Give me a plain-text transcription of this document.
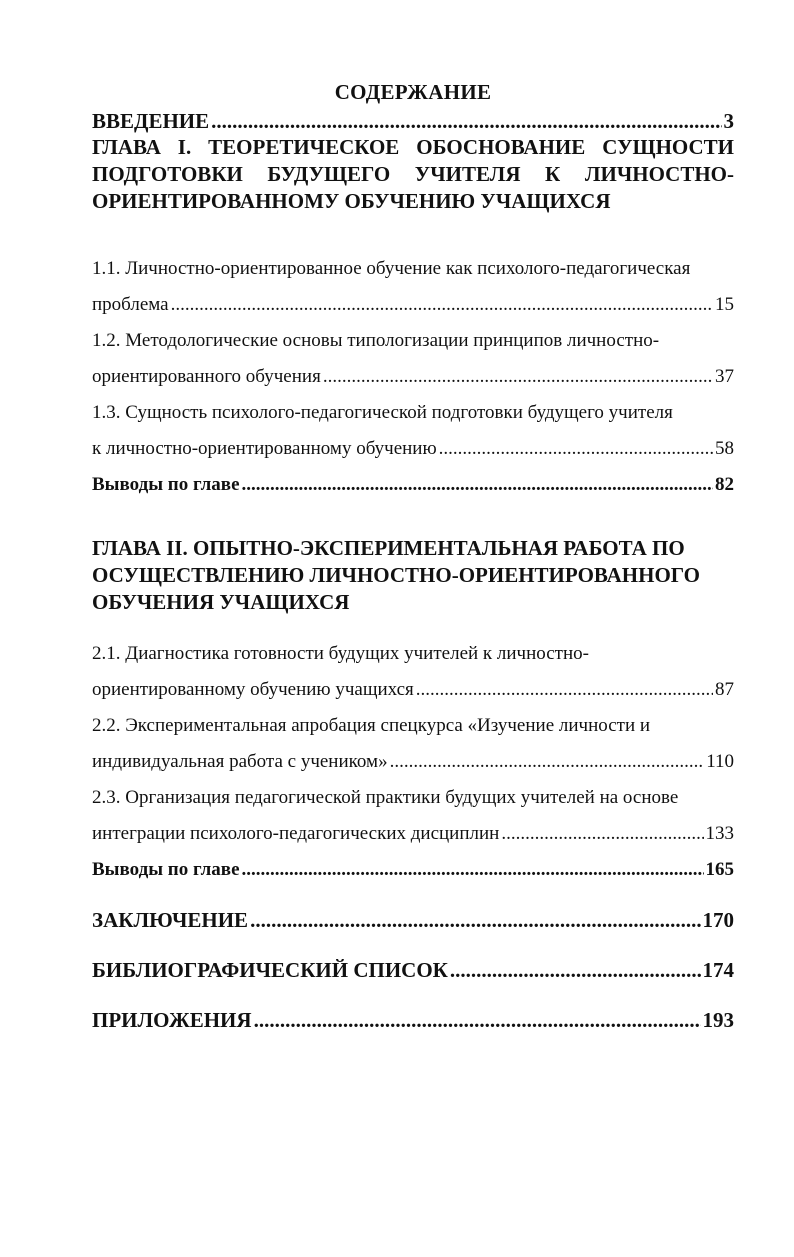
СОДЕРЖАНИЕ
ВВЕДЕНИЕ .....	3
ГЛАВА I. ТЕОРЕТИЧЕСКОЕ ОБОСНОВАНИЕ СУЩНОСТИ
ПОДГОТОВКИ БУДУЩЕГО УЧИТЕЛЯ К ЛИЧНОСТНО-
ОРИЕНТИРОВАННОМУ ОБУЧЕНИЮ УЧАЩИХСЯ
1.1. Личностно-ориентированное обучение как психолого-педагогическая
проблема .....	15
1.2. Методологические основы типологизации принципов личностно-
ориентированного обучения .....	37
1.3. Сущность психолого-педагогической подготовки будущего учителя
к личностно-ориентированному обучению .....	58
Выводы по главе .....	82
ГЛАВА II. ОПЫТНО-ЭКСПЕРИМЕНТАЛЬНАЯ РАБОТА ПО
ОСУЩЕСТВЛЕНИЮ ЛИЧНОСТНО-ОРИЕНТИРОВАННОГО
ОБУЧЕНИЯ УЧАЩИХСЯ
2.1. Диагностика готовности будущих учителей к личностно-
ориентированному обучению учащихся .....	87
2.2. Экспериментальная апробация спецкурса «Изучение личности и
индивидуальная работа с учеником» .....	110
2.3. Организация педагогической практики будущих учителей на основе
интеграции психолого-педагогических дисциплин .....	133
Выводы по главе .....	165
ЗАКЛЮЧЕНИЕ .....	170
БИБЛИОГРАФИЧЕСКИЙ СПИСОК .....	174
ПРИЛОЖЕНИЯ .....	193
